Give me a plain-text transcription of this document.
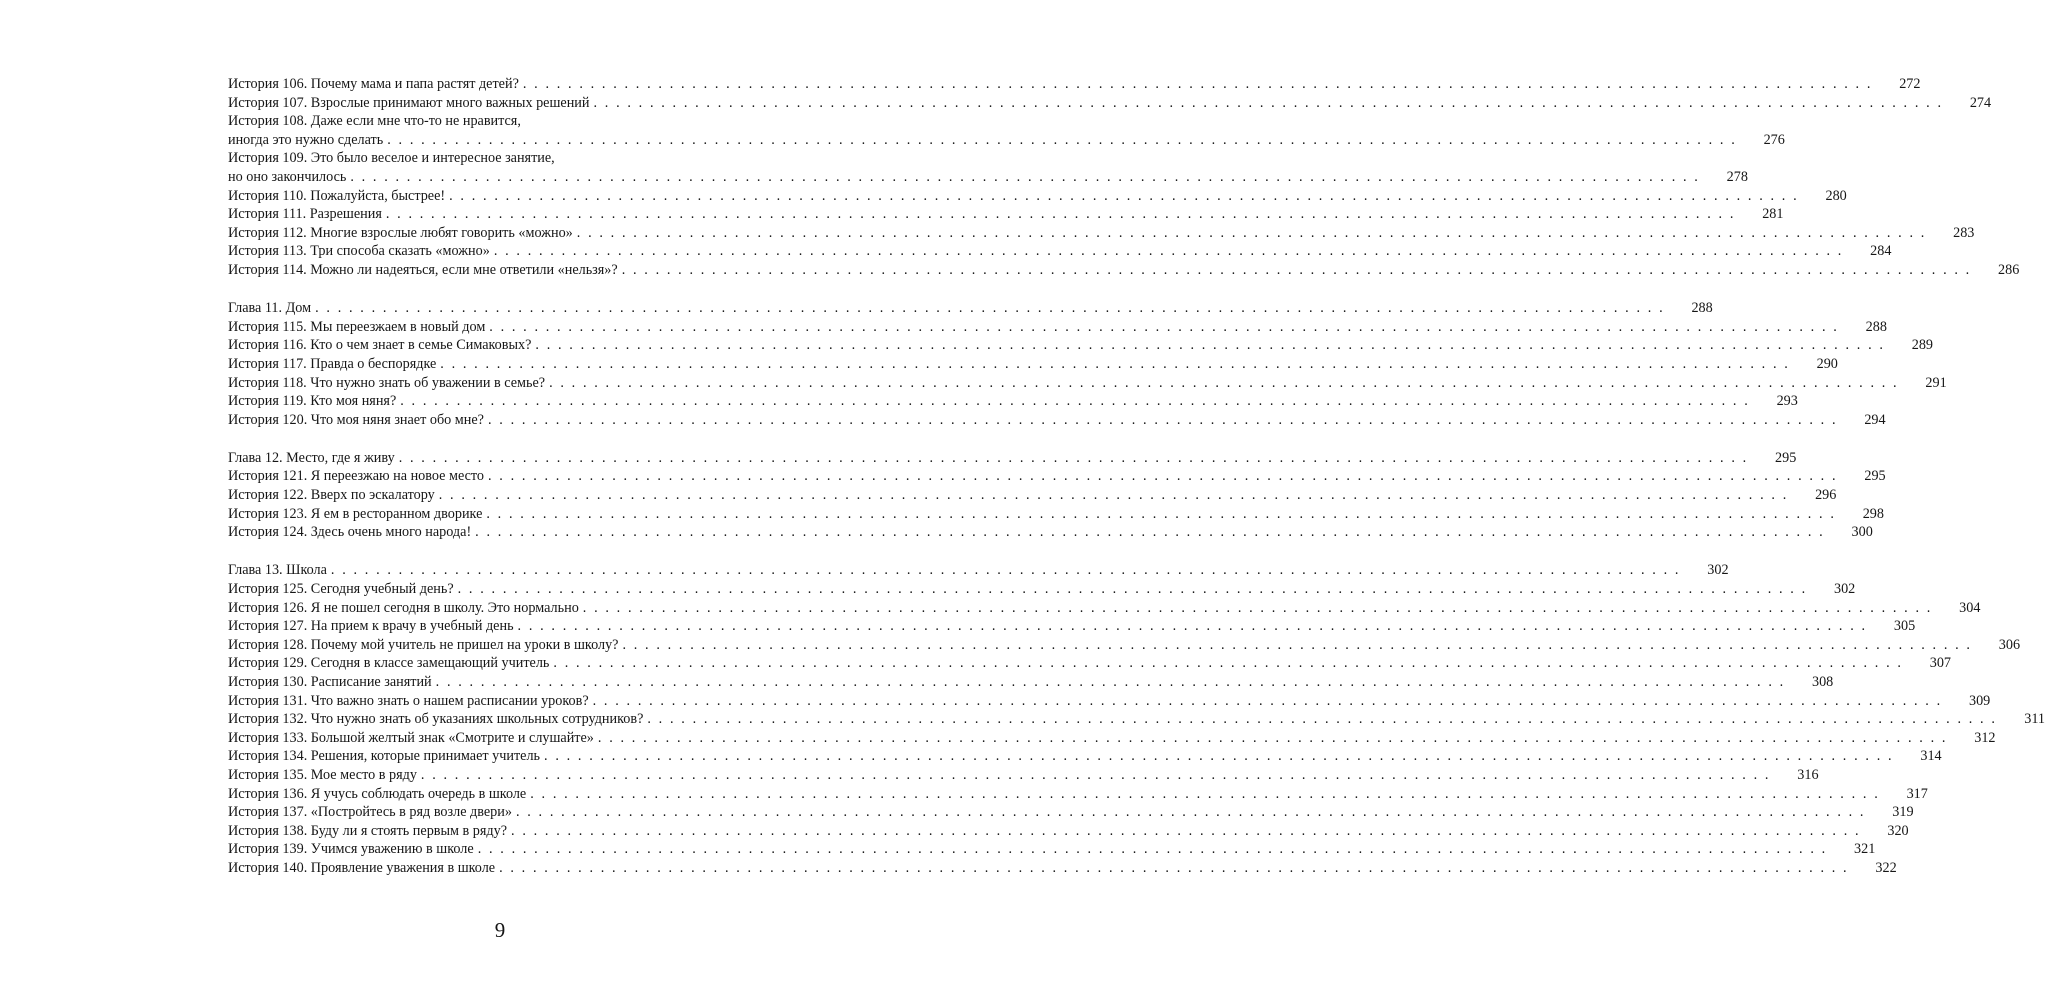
История 106. Почему мама и папа растят детей? . . . . . . . . . . . . . . . . . . . . . . . . . . . . . . . . . . . . . . . . . . . . . . . . . . . . . . . . . . . . . . . . . . . . . . . . . . . . . . . . . . . . . . . . . . . . . . . . . . . . . . . . . . . . . . . . . . . . . . . .	272
История 107. Взрослые принимают много важных решений . . . . . . . . . . . . . . . . . . . . . . . . . . . . . . . . . . . . . . . . . . . . . . . . . . . . . . . . . . . . . . . . . . . . . . . . . . . . . . . . . . . . . . . . . . . . . . . . . . . . . . . . . . . . . . . . . . . . . . . .	274
История 108. Даже если мне что-то не нравится,
иногда это нужно сделать . . . . . . . . . . . . . . . . . . . . . . . . . . . . . . . . . . . . . . . . . . . . . . . . . . . . . . . . . . . . . . . . . . . . . . . . . . . . . . . . . . . . . . . . . . . . . . . . . . . . . . . . . . . . . . . . . . . . . . . .	276
История 109. Это было веселое и интересное занятие,
но оно закончилось . . . . . . . . . . . . . . . . . . . . . . . . . . . . . . . . . . . . . . . . . . . . . . . . . . . . . . . . . . . . . . . . . . . . . . . . . . . . . . . . . . . . . . . . . . . . . . . . . . . . . . . . . . . . . . . . . . . . . . . .	278
История 110. Пожалуйста, быстрее! . . . . . . . . . . . . . . . . . . . . . . . . . . . . . . . . . . . . . . . . . . . . . . . . . . . . . . . . . . . . . . . . . . . . . . . . . . . . . . . . . . . . . . . . . . . . . . . . . . . . . . . . . . . . . . . . . . . . . . . .	280
История 111. Разрешения . . . . . . . . . . . . . . . . . . . . . . . . . . . . . . . . . . . . . . . . . . . . . . . . . . . . . . . . . . . . . . . . . . . . . . . . . . . . . . . . . . . . . . . . . . . . . . . . . . . . . . . . . . . . . . . . . . . . . . . .	281
История 112. Многие взрослые любят говорить «можно» . . . . . . . . . . . . . . . . . . . . . . . . . . . . . . . . . . . . . . . . . . . . . . . . . . . . . . . . . . . . . . . . . . . . . . . . . . . . . . . . . . . . . . . . . . . . . . . . . . . . . . . . . . . . . . . . . . . . . . . .	283
История 113. Три способа сказать «можно» . . . . . . . . . . . . . . . . . . . . . . . . . . . . . . . . . . . . . . . . . . . . . . . . . . . . . . . . . . . . . . . . . . . . . . . . . . . . . . . . . . . . . . . . . . . . . . . . . . . . . . . . . . . . . . . . . . . . . . . .	284
История 114. Можно ли надеяться, если мне ответили «нельзя»? . . . . . . . . . . . . . . . . . . . . . . . . . . . . . . . . . . . . . . . . . . . . . . . . . . . . . . . . . . . . . . . . . . . . . . . . . . . . . . . . . . . . . . . . . . . . . . . . . . . . . . . . . . . . . . . . . . . . . . . .	286
Глава 11. Дом . . . . . . . . . . . . . . . . . . . . . . . . . . . . . . . . . . . . . . . . . . . . . . . . . . . . . . . . . . . . . . . . . . . . . . . . . . . . . . . . . . . . . . . . . . . . . . . . . . . . . . . . . . . . . . . . . . . . . . . .	288
История 115. Мы переезжаем в новый дом . . . . . . . . . . . . . . . . . . . . . . . . . . . . . . . . . . . . . . . . . . . . . . . . . . . . . . . . . . . . . . . . . . . . . . . . . . . . . . . . . . . . . . . . . . . . . . . . . . . . . . . . . . . . . . . . . . . . . . . .	288
История 116. Кто о чем знает в семье Симаковых? . . . . . . . . . . . . . . . . . . . . . . . . . . . . . . . . . . . . . . . . . . . . . . . . . . . . . . . . . . . . . . . . . . . . . . . . . . . . . . . . . . . . . . . . . . . . . . . . . . . . . . . . . . . . . . . . . . . . . . . .	289
История 117. Правда о беспорядке . . . . . . . . . . . . . . . . . . . . . . . . . . . . . . . . . . . . . . . . . . . . . . . . . . . . . . . . . . . . . . . . . . . . . . . . . . . . . . . . . . . . . . . . . . . . . . . . . . . . . . . . . . . . . . . . . . . . . . . .	290
История 118. Что нужно знать об уважении в семье? . . . . . . . . . . . . . . . . . . . . . . . . . . . . . . . . . . . . . . . . . . . . . . . . . . . . . . . . . . . . . . . . . . . . . . . . . . . . . . . . . . . . . . . . . . . . . . . . . . . . . . . . . . . . . . . . . . . . . . . .	291
История 119. Кто моя няня? . . . . . . . . . . . . . . . . . . . . . . . . . . . . . . . . . . . . . . . . . . . . . . . . . . . . . . . . . . . . . . . . . . . . . . . . . . . . . . . . . . . . . . . . . . . . . . . . . . . . . . . . . . . . . . . . . . . . . . . .	293
История 120. Что моя няня знает обо мне? . . . . . . . . . . . . . . . . . . . . . . . . . . . . . . . . . . . . . . . . . . . . . . . . . . . . . . . . . . . . . . . . . . . . . . . . . . . . . . . . . . . . . . . . . . . . . . . . . . . . . . . . . . . . . . . . . . . . . . . .	294
Глава 12. Место, где я живу . . . . . . . . . . . . . . . . . . . . . . . . . . . . . . . . . . . . . . . . . . . . . . . . . . . . . . . . . . . . . . . . . . . . . . . . . . . . . . . . . . . . . . . . . . . . . . . . . . . . . . . . . . . . . . . . . . . . . . . .	295
История 121. Я переезжаю на новое место . . . . . . . . . . . . . . . . . . . . . . . . . . . . . . . . . . . . . . . . . . . . . . . . . . . . . . . . . . . . . . . . . . . . . . . . . . . . . . . . . . . . . . . . . . . . . . . . . . . . . . . . . . . . . . . . . . . . . . . .	295
История 122. Вверх по эскалатору . . . . . . . . . . . . . . . . . . . . . . . . . . . . . . . . . . . . . . . . . . . . . . . . . . . . . . . . . . . . . . . . . . . . . . . . . . . . . . . . . . . . . . . . . . . . . . . . . . . . . . . . . . . . . . . . . . . . . . . .	296
История 123. Я ем в ресторанном дворике . . . . . . . . . . . . . . . . . . . . . . . . . . . . . . . . . . . . . . . . . . . . . . . . . . . . . . . . . . . . . . . . . . . . . . . . . . . . . . . . . . . . . . . . . . . . . . . . . . . . . . . . . . . . . . . . . . . . . . . .	298
История 124. Здесь очень много народа! . . . . . . . . . . . . . . . . . . . . . . . . . . . . . . . . . . . . . . . . . . . . . . . . . . . . . . . . . . . . . . . . . . . . . . . . . . . . . . . . . . . . . . . . . . . . . . . . . . . . . . . . . . . . . . . . . . . . . . . .	300
Глава 13. Школа . . . . . . . . . . . . . . . . . . . . . . . . . . . . . . . . . . . . . . . . . . . . . . . . . . . . . . . . . . . . . . . . . . . . . . . . . . . . . . . . . . . . . . . . . . . . . . . . . . . . . . . . . . . . . . . . . . . . . . . .	302
История 125. Сегодня учебный день? . . . . . . . . . . . . . . . . . . . . . . . . . . . . . . . . . . . . . . . . . . . . . . . . . . . . . . . . . . . . . . . . . . . . . . . . . . . . . . . . . . . . . . . . . . . . . . . . . . . . . . . . . . . . . . . . . . . . . . . .	302
История 126. Я не пошел сегодня в школу. Это нормально . . . . . . . . . . . . . . . . . . . . . . . . . . . . . . . . . . . . . . . . . . . . . . . . . . . . . . . . . . . . . . . . . . . . . . . . . . . . . . . . . . . . . . . . . . . . . . . . . . . . . . . . . . . . . . . . . . . . . . . .	304
История 127. На прием к врачу в учебный день . . . . . . . . . . . . . . . . . . . . . . . . . . . . . . . . . . . . . . . . . . . . . . . . . . . . . . . . . . . . . . . . . . . . . . . . . . . . . . . . . . . . . . . . . . . . . . . . . . . . . . . . . . . . . . . . . . . . . . . .	305
История 128. Почему мой учитель не пришел на уроки в школу? . . . . . . . . . . . . . . . . . . . . . . . . . . . . . . . . . . . . . . . . . . . . . . . . . . . . . . . . . . . . . . . . . . . . . . . . . . . . . . . . . . . . . . . . . . . . . . . . . . . . . . . . . . . . . . . . . . . . . . . .	306
История 129. Сегодня в классе замещающий учитель . . . . . . . . . . . . . . . . . . . . . . . . . . . . . . . . . . . . . . . . . . . . . . . . . . . . . . . . . . . . . . . . . . . . . . . . . . . . . . . . . . . . . . . . . . . . . . . . . . . . . . . . . . . . . . . . . . . . . . . .	307
История 130. Расписание занятий . . . . . . . . . . . . . . . . . . . . . . . . . . . . . . . . . . . . . . . . . . . . . . . . . . . . . . . . . . . . . . . . . . . . . . . . . . . . . . . . . . . . . . . . . . . . . . . . . . . . . . . . . . . . . . . . . . . . . . . .	308
История 131. Что важно знать о нашем расписании уроков? . . . . . . . . . . . . . . . . . . . . . . . . . . . . . . . . . . . . . . . . . . . . . . . . . . . . . . . . . . . . . . . . . . . . . . . . . . . . . . . . . . . . . . . . . . . . . . . . . . . . . . . . . . . . . . . . . . . . . . . .	309
История 132. Что нужно знать об указаниях школьных сотрудников? . . . . . . . . . . . . . . . . . . . . . . . . . . . . . . . . . . . . . . . . . . . . . . . . . . . . . . . . . . . . . . . . . . . . . . . . . . . . . . . . . . . . . . . . . . . . . . . . . . . . . . . . . . . . . . . . . . . . . . . .	311
История 133. Большой желтый знак «Смотрите и слушайте» . . . . . . . . . . . . . . . . . . . . . . . . . . . . . . . . . . . . . . . . . . . . . . . . . . . . . . . . . . . . . . . . . . . . . . . . . . . . . . . . . . . . . . . . . . . . . . . . . . . . . . . . . . . . . . . . . . . . . . . .	312
История 134. Решения, которые принимает учитель . . . . . . . . . . . . . . . . . . . . . . . . . . . . . . . . . . . . . . . . . . . . . . . . . . . . . . . . . . . . . . . . . . . . . . . . . . . . . . . . . . . . . . . . . . . . . . . . . . . . . . . . . . . . . . . . . . . . . . . .	314
История 135. Мое место в ряду . . . . . . . . . . . . . . . . . . . . . . . . . . . . . . . . . . . . . . . . . . . . . . . . . . . . . . . . . . . . . . . . . . . . . . . . . . . . . . . . . . . . . . . . . . . . . . . . . . . . . . . . . . . . . . . . . . . . . . . .	316
История 136. Я учусь соблюдать очередь в школе . . . . . . . . . . . . . . . . . . . . . . . . . . . . . . . . . . . . . . . . . . . . . . . . . . . . . . . . . . . . . . . . . . . . . . . . . . . . . . . . . . . . . . . . . . . . . . . . . . . . . . . . . . . . . . . . . . . . . . . .	317
История 137. «Постройтесь в ряд возле двери» . . . . . . . . . . . . . . . . . . . . . . . . . . . . . . . . . . . . . . . . . . . . . . . . . . . . . . . . . . . . . . . . . . . . . . . . . . . . . . . . . . . . . . . . . . . . . . . . . . . . . . . . . . . . . . . . . . . . . . . .	319
История 138. Буду ли я стоять первым в ряду? . . . . . . . . . . . . . . . . . . . . . . . . . . . . . . . . . . . . . . . . . . . . . . . . . . . . . . . . . . . . . . . . . . . . . . . . . . . . . . . . . . . . . . . . . . . . . . . . . . . . . . . . . . . . . . . . . . . . . . . .	320
История 139. Учимся уважению в школе . . . . . . . . . . . . . . . . . . . . . . . . . . . . . . . . . . . . . . . . . . . . . . . . . . . . . . . . . . . . . . . . . . . . . . . . . . . . . . . . . . . . . . . . . . . . . . . . . . . . . . . . . . . . . . . . . . . . . . . .	321
История 140. Проявление уважения в школе . . . . . . . . . . . . . . . . . . . . . . . . . . . . . . . . . . . . . . . . . . . . . . . . . . . . . . . . . . . . . . . . . . . . . . . . . . . . . . . . . . . . . . . . . . . . . . . . . . . . . . . . . . . . . . . . . . . . . . . .	322
9
